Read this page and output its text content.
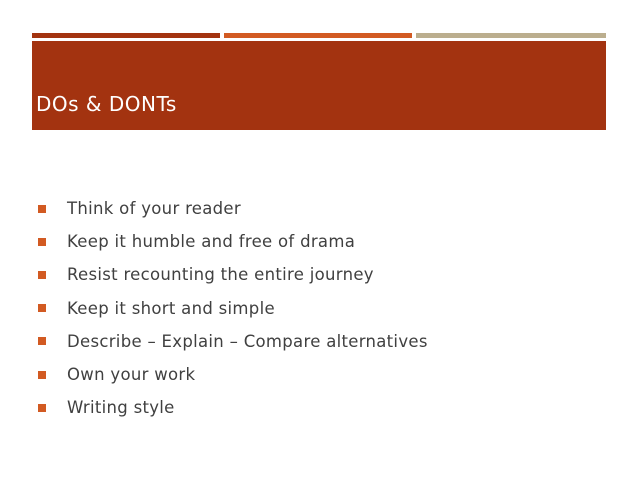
DOs & DONTs
Think of your reader
Keep it humble and free of drama
Resist recounting the entire journey
Keep it short and simple
Describe – Explain – Compare alternatives
Own your work
Writing style
